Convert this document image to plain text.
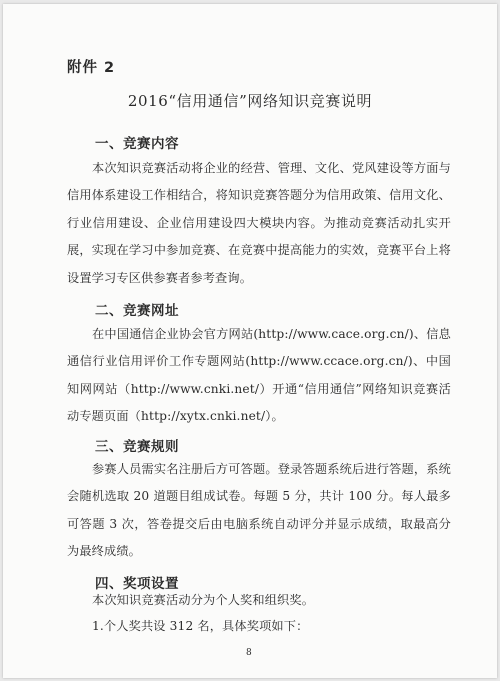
附件 2
2016“信用通信”网络知识竞赛说明
一、竞赛内容
本次知识竞赛活动将企业的经营、管理、文化、党风建设等方面与信用体系建设工作相结合，将知识竞赛答题分为信用政策、信用文化、行业信用建设、企业信用建设四大模块内容。为推动竞赛活动扎实开展，实现在学习中参加竞赛、在竞赛中提高能力的实效，竞赛平台上将设置学习专区供参赛者参考查询。
二、竞赛网址
在中国通信企业协会官方网站(http://www.cace.org.cn/)、信息通信行业信用评价工作专题网站(http://www.ccace.org.cn/)、中国知网网站（http://www.cnki.net/）开通“信用通信”网络知识竞赛活动专题页面（http://xytx.cnki.net/）。
三、竞赛规则
参赛人员需实名注册后方可答题。登录答题系统后进行答题，系统会随机选取 20 道题目组成试卷。每题 5 分，共计 100 分。每人最多可答题 3 次，答卷提交后由电脑系统自动评分并显示成绩，取最高分为最终成绩。
四、奖项设置
本次知识竞赛活动分为个人奖和组织奖。
1.个人奖共设 312 名，具体奖项如下：
8
